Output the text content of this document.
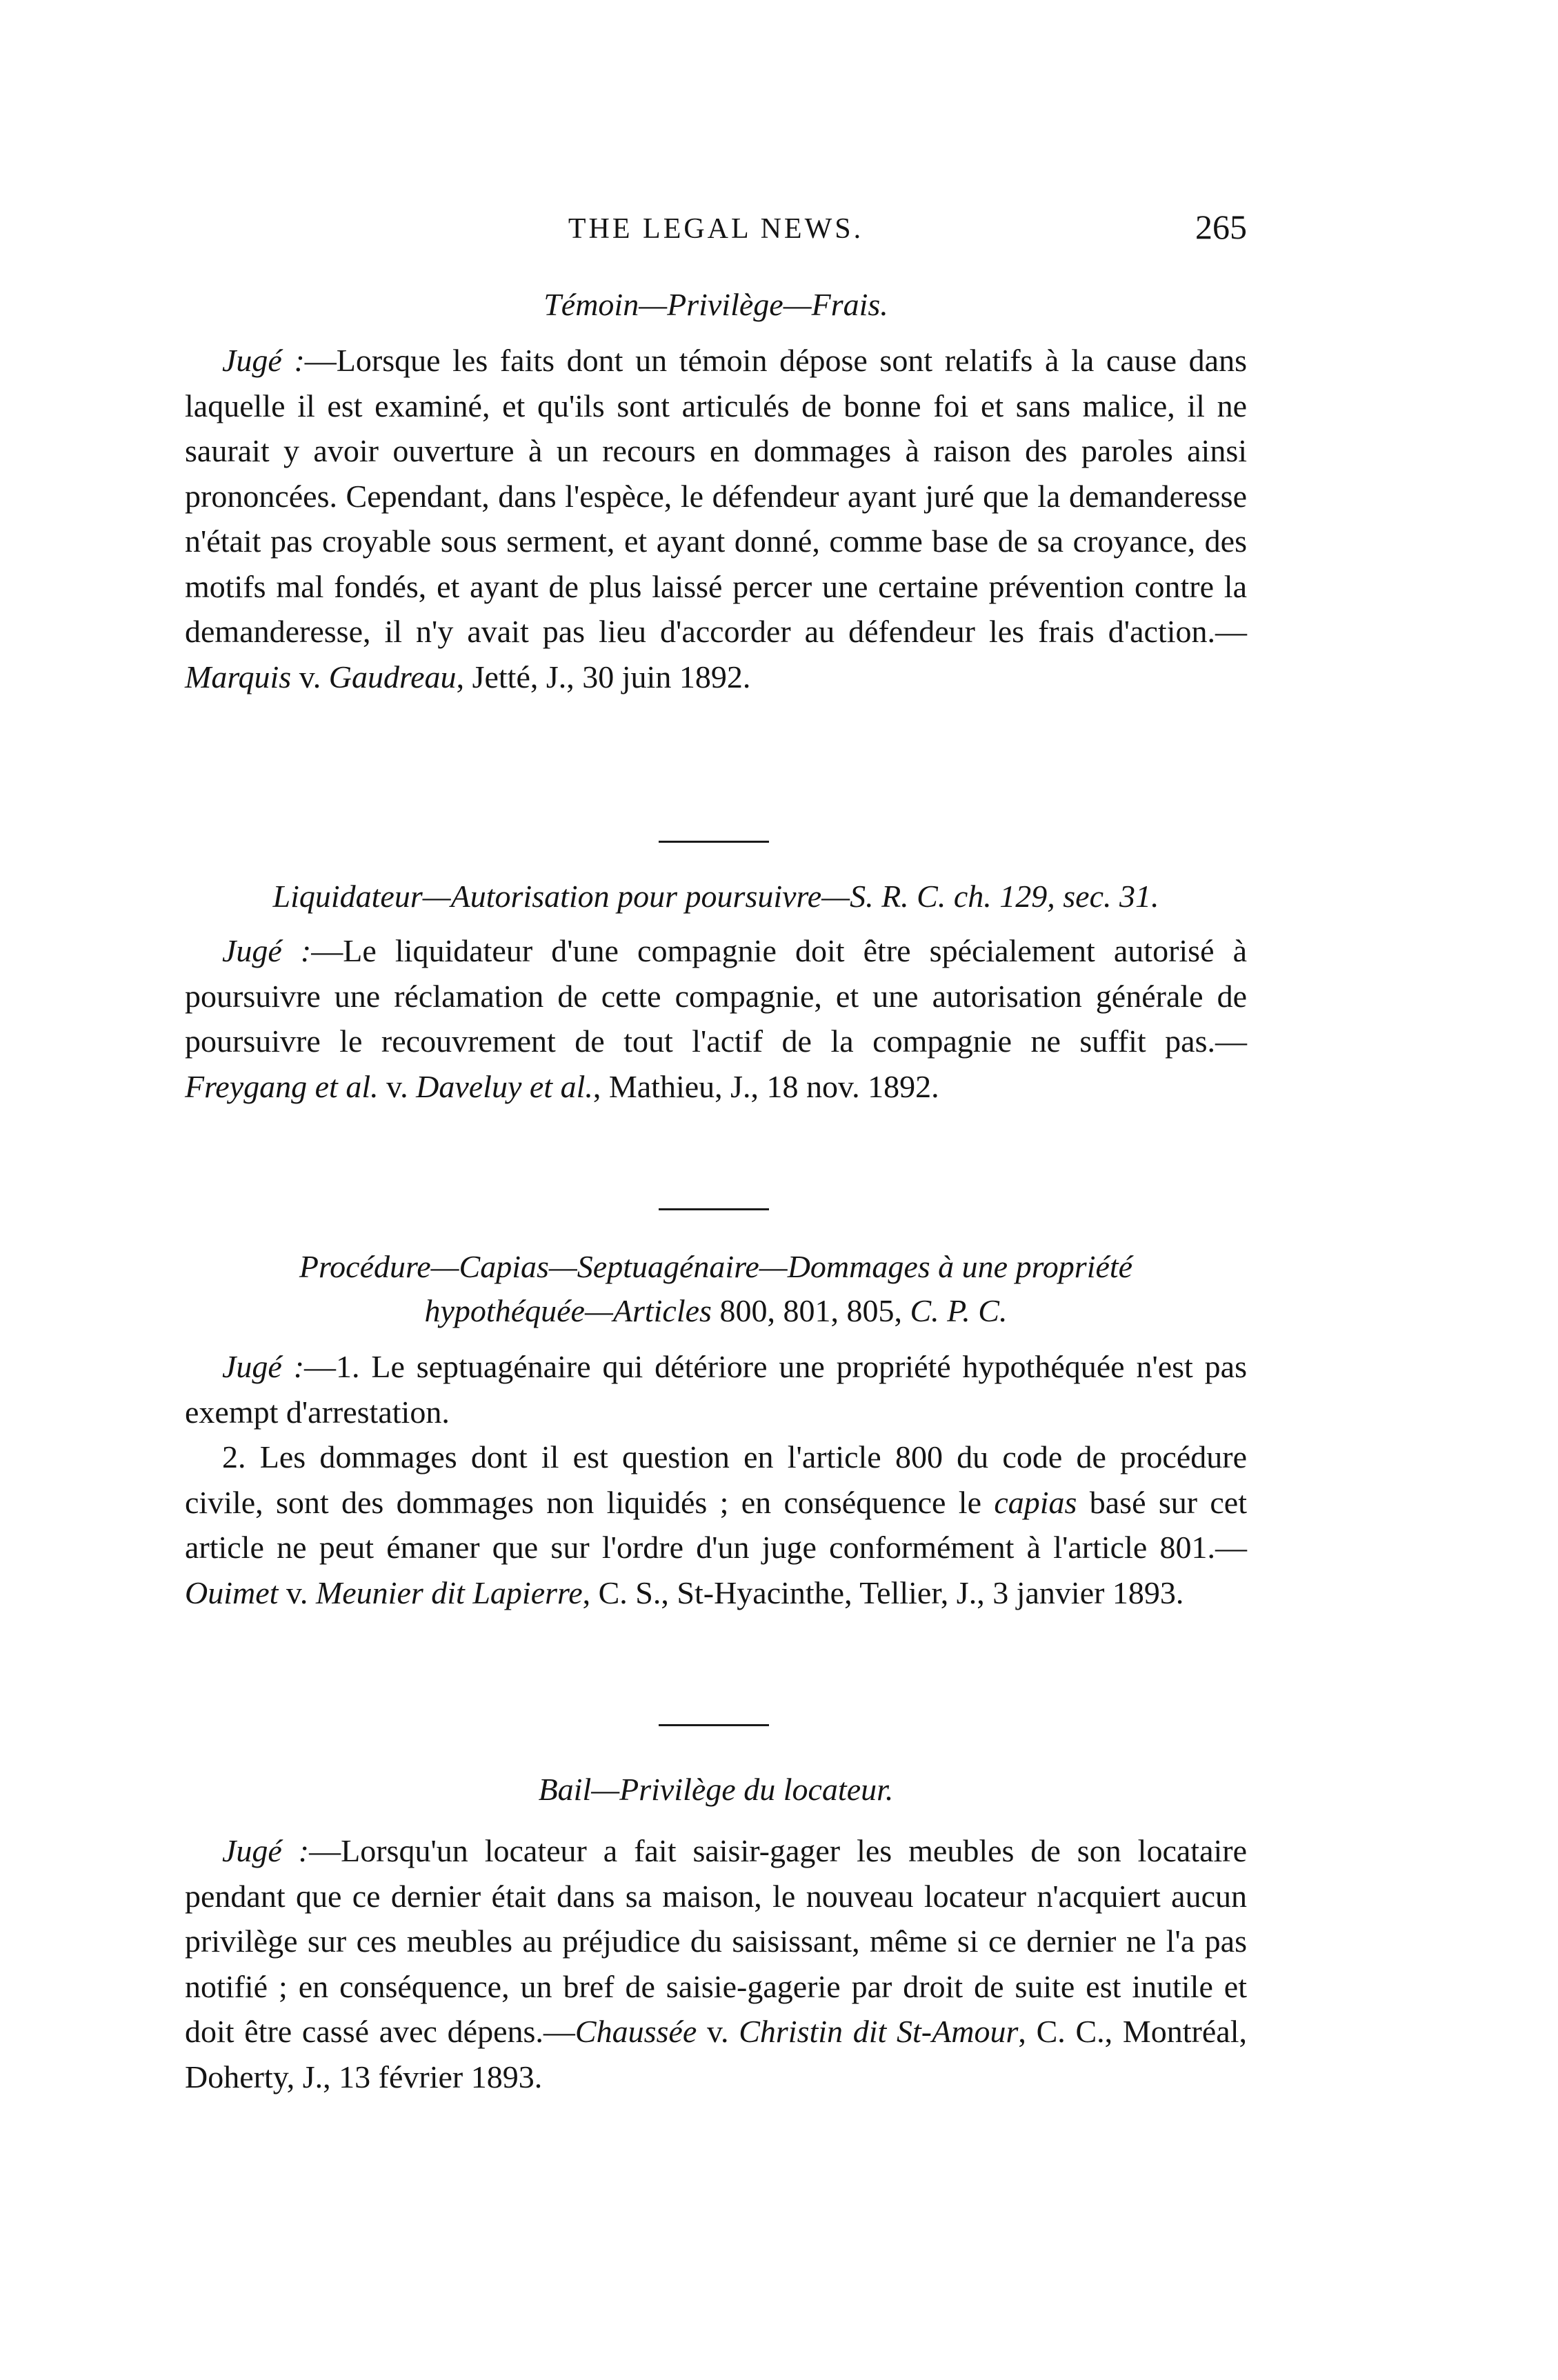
THE LEGAL NEWS.	265
Témoin—Privilège—Frais.

Jugé :—Lorsque les faits dont un témoin dépose sont relatifs à la cause dans laquelle il est examiné, et qu'ils sont articulés de bonne foi et sans malice, il ne saurait y avoir ouverture à un recours en dommages à raison des paroles ainsi prononcées. Cependant, dans l'espèce, le défendeur ayant juré que la demanderesse n'était pas croyable sous serment, et ayant donné, comme base de sa croyance, des motifs mal fondés, et ayant de plus laissé percer une certaine prévention contre la demanderesse, il n'y avait pas lieu d'accorder au défendeur les frais d'action.—Marquis v. Gaudreau, Jetté, J., 30 juin 1892.

Liquidateur—Autorisation pour poursuivre—S. R. C. ch. 129, sec. 31.

Jugé :—Le liquidateur d'une compagnie doit être spécialement autorisé à poursuivre une réclamation de cette compagnie, et une autorisation générale de poursuivre le recouvrement de tout l'actif de la compagnie ne suffit pas.—Freygang et al. v. Daveluy et al., Mathieu, J., 18 nov. 1892.

Procédure—Capias—Septuagénaire—Dommages à une propriété
hypothéquée—Articles 800, 801, 805, C. P. C.

Jugé :—1. Le septuagénaire qui détériore une propriété hypothéquée n'est pas exempt d'arrestation.

2. Les dommages dont il est question en l'article 800 du code de procédure civile, sont des dommages non liquidés ; en conséquence le capias basé sur cet article ne peut émaner que sur l'ordre d'un juge conformément à l'article 801.—Ouimet v. Meunier dit Lapierre, C. S., St-Hyacinthe, Tellier, J., 3 janvier 1893.

Bail—Privilège du locateur.

Jugé :—Lorsqu'un locateur a fait saisir-gager les meubles de son locataire pendant que ce dernier était dans sa maison, le nouveau locateur n'acquiert aucun privilège sur ces meubles au préjudice du saisissant, même si ce dernier ne l'a pas notifié ; en conséquence, un bref de saisie-gagerie par droit de suite est inutile et doit être cassé avec dépens.—Chaussée v. Christin dit St-Amour, C. C., Montréal, Doherty, J., 13 février 1893.
